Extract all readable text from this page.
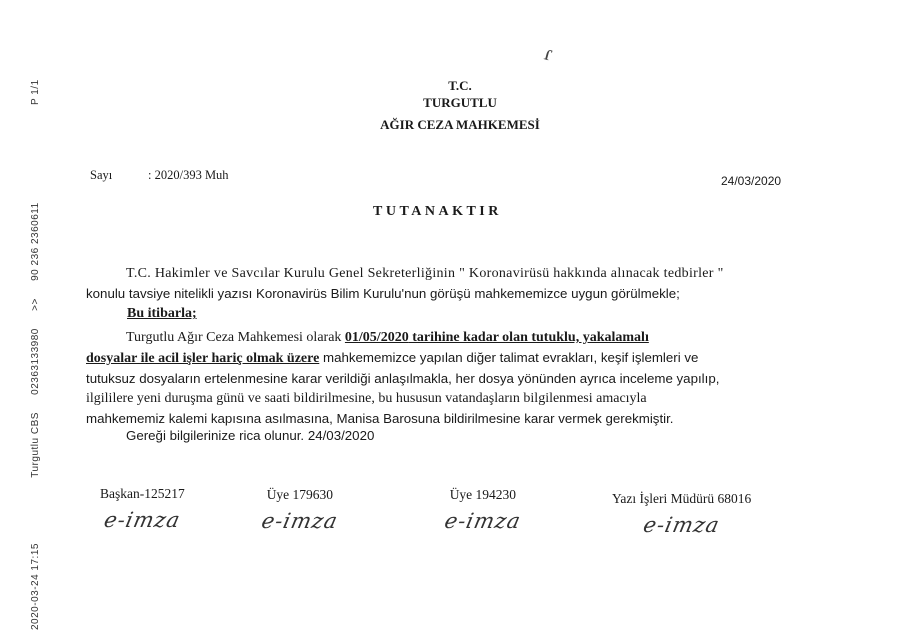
2020-03-24 17:15 Turgutlu CBS 02363133980 >> 90 236 2360611 P 1/1
ɾ
T.C.
TURGUTLU
AĞIR CEZA MAHKEMESİ
Sayı	: 2020/393 Muh	24/03/2020
TUTANAKTIR
T.C. Hakimler ve Savcılar Kurulu Genel Sekreterliğinin " Koronavirüsü hakkında alınacak tedbirler "
konulu tavsiye nitelikli yazısı Koronavirüs Bilim Kurulu'nun görüşü mahkememizce uygun görülmekle;
Bu itibarla;
Turgutlu Ağır Ceza Mahkemesi olarak 01/05/2020 tarihine kadar olan tutuklu, yakalamalı
dosyalar ile acil işler hariç olmak üzere mahkememizce yapılan diğer talimat evrakları, keşif işlemleri ve
tutuksuz dosyaların ertelenmesine karar verildiği anlaşılmakla, her dosya yönünden ayrıca inceleme yapılıp,
ilgililere yeni duruşma günü ve saati bildirilmesine, bu hususun vatandaşların bilgilenmesi amacıyla
mahkememiz kalemi kapısına asılmasına, Manisa Barosuna bildirilmesine karar vermek gerekmiştir.
Gereği bilgilerinize rica olunur. 24/03/2020
Başkan-125217
e-imza
Üye 179630
e-imza
Üye 194230
e-imza
Yazı İşleri Müdürü 68016
e-imza
